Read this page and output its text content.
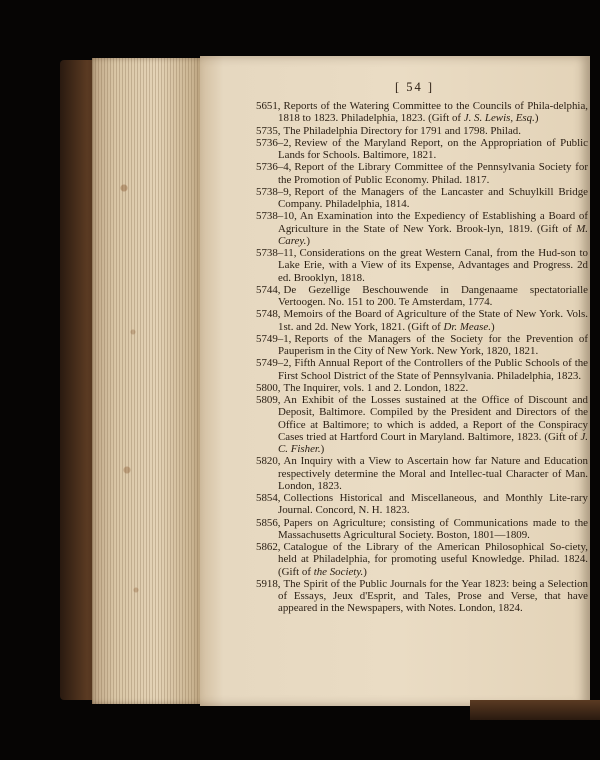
[ 54 ]

5651, Reports of the Watering Committee to the Councils of Phila-delphia, 1818 to 1823. Philadelphia, 1823. (Gift of J. S. Lewis, Esq.)

5735, The Philadelphia Directory for 1791 and 1798. Philad.

5736–2, Review of the Maryland Report, on the Appropriation of Public Lands for Schools. Baltimore, 1821.

5736–4, Report of the Library Committee of the Pennsylvania Society for the Promotion of Public Economy. Philad. 1817.

5738–9, Report of the Managers of the Lancaster and Schuylkill Bridge Company. Philadelphia, 1814.

5738–10, An Examination into the Expediency of Establishing a Board of Agriculture in the State of New York. Brook-lyn, 1819. (Gift of M. Carey.)

5738–11, Considerations on the great Western Canal, from the Hud-son to Lake Erie, with a View of its Expense, Advantages and Progress. 2d ed. Brooklyn, 1818.

5744, De Gezellige Beschouwende in Dangenaame spectatorialle Vertoogen. No. 151 to 200. Te Amsterdam, 1774.

5748, Memoirs of the Board of Agriculture of the State of New York. Vols. 1st. and 2d. New York, 1821. (Gift of Dr. Mease.)

5749–1, Reports of the Managers of the Society for the Prevention of Pauperism in the City of New York. New York, 1820, 1821.

5749–2, Fifth Annual Report of the Controllers of the Public Schools of the First School District of the State of Pennsylvania. Philadelphia, 1823.

5800, The Inquirer, vols. 1 and 2. London, 1822.

5809, An Exhibit of the Losses sustained at the Office of Discount and Deposit, Baltimore. Compiled by the President and Directors of the Office at Baltimore; to which is added, a Report of the Conspiracy Cases tried at Hartford Court in Maryland. Baltimore, 1823. (Gift of J. C. Fisher.)

5820, An Inquiry with a View to Ascertain how far Nature and Education respectively determine the Moral and Intellec-tual Character of Man. London, 1823.

5854, Collections Historical and Miscellaneous, and Monthly Lite-rary Journal. Concord, N. H. 1823.

5856, Papers on Agriculture; consisting of Communications made to the Massachusetts Agricultural Society. Boston, 1801—1809.

5862, Catalogue of the Library of the American Philosophical So-ciety, held at Philadelphia, for promoting useful Knowledge. Philad. 1824. (Gift of the Society.)

5918, The Spirit of the Public Journals for the Year 1823: being a Selection of Essays, Jeux d'Esprit, and Tales, Prose and Verse, that have appeared in the Newspapers, with Notes. London, 1824.
